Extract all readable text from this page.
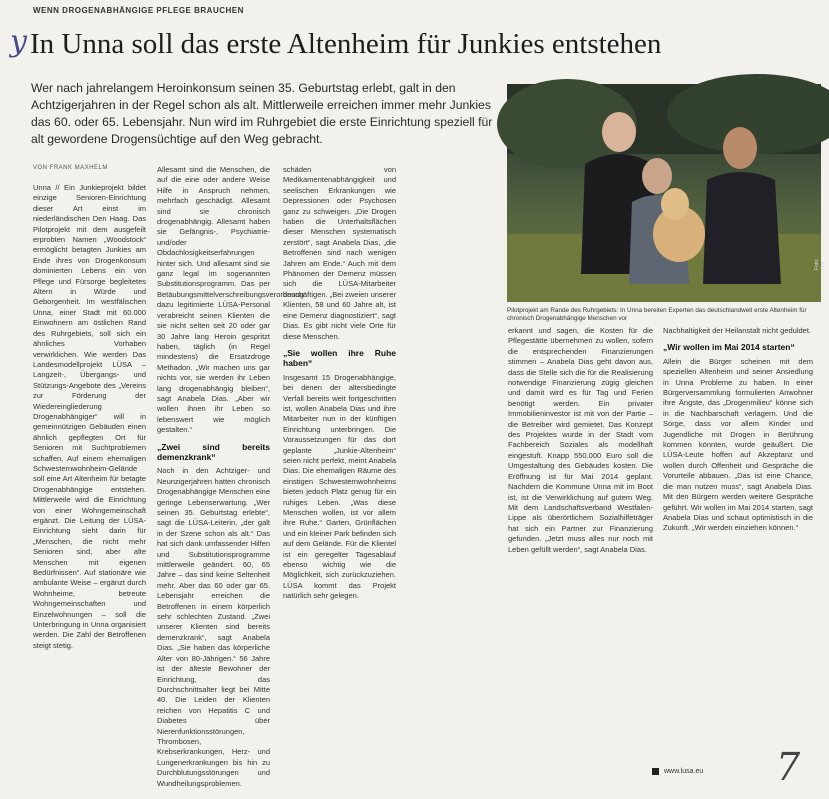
WENN DROGENABHÄNGIGE PFLEGE BRAUCHEN
y In Unna soll das erste Altenheim für Junkies entstehen
Wer nach jahrelangem Heroinkonsum seinen 35. Geburtstag erlebt, galt in den Achtzigerjahren in der Regel schon als alt. Mittlerweile erreichen immer mehr Junkies das 60. oder 65. Lebensjahr. Nun wird im Ruhrgebiet die erste Einrichtung speziell für alt gewordene Drogensüchtige auf den Weg gebracht.
VON FRANK MAXHELM

Unna // Ein Junkieprojekt bildet einzige Senioren-Einrichtung dieser Art einst im niederländischen Den Haag. Das Pilotprojekt mit dem ausgefeilt erprobten Namen „Woodstock“ ermöglicht betagten Junkies am Ende ihres von Drogenkonsum dominierten Lebens ein von Pflege und Fürsorge begleitetes Altern in Würde und Geborgenheit. Im westfälischen Unna, einer Stadt mit 60.000 Einwohnern am östlichen Rand des Ruhrgebiets, soll sich ein ähnliches Vorhaben verwirklichen. Wie werden Das Landesmodellprojekt LÜSA – Langzeit-, Übergangs- und Stützungs-Angebote des „Vereins zur Förderung der Wiedereingliederung Drogenabhängiger“ will in gemeinnützigen Gebäuden einen ähnlich gepflegten Ort für Senioren mit Suchtproblemen schaffen. Auf einem ehemaligen Schwesternwohnheim-Gelände soll eine Art Altenheim für betagte Drogenabhängige entstehen. Mittlerweile wird die Einrichtung von einer Wohngemeinschaft ergänzt. Die Leitung der LÜSA-Einrichtung sieht darin für „Menschen, die nicht mehr Senioren sind, aber alte Menschen mit eigenen Bedürfnissen“. Auf stationäre wie ambulante Weise – ergänzt durch Wohnheime, betreute Wohngemeinschaften und Einzelwohnungen – soll die Unterbringung in Unna organisiert werden. Die Zahl der Betroffenen steigt stetig.

Allesamt sind die Menschen, die auf die eine oder andere Weise Hilfe in Anspruch nehmen, mehrfach geschädigt. Allesamt sind sie chronisch drogenabhängig. Allesamt haben sie Gefängnis-, Psychiatrie- und/oder Obdachlosigkeitserfahrungen hinter sich. Und allesamt sind sie ganz legal im sogenannten Substitutionsprogramm. Das per Betäubungsmittelverschreibungsverordnung dazu legitimierte LÜSA-Personal verabreicht seinen Klienten die sie nicht selten seit 20 oder gar 30 Jahre lang Heroin gespritzt haben, täglich (in Regel mindestens) die Ersatzdroge Methadon. „Wir machen uns gar nichts vor, sie werden ihr Leben lang drogenabhängig bleiben“, sagt Anabela Dias. „Aber wir wollen ihnen ihr Leben so lebenswert wie möglich gestalten.“

„Zwei sind bereits demenzkrank“

Noch in den Achtziger- und Neunzigerjahren hatten chronisch Drogenabhängige Menschen eine geringe Lebenserwartung. „Wer seinen 35. Geburtstag erlebte“, sagt die LÜSA-Leiterin, „der galt in der Szene schon als alt.“ Das hat sich dank umfassender Hilfen und Substitutionsprogramme mittlerweile geändert. 60, 65 Jahre – das sind keine Seltenheit mehr. Aber das 60 oder gar 65. Lebensjahr erreichen die Betroffenen in einem körperlich sehr schlechten Zustand. „Zwei unserer Klienten sind bereits demenzkrank“, sagt Anabela Dias. „Sie haben das körperliche Alter von 80-Jährigen.“ 56 Jahre ist der älteste Bewohner der Einrichtung, das Durchschnittsalter liegt bei Mitte 40. Die Leiden der Klienten reichen von Hepatitis C und Diabetes über Nierenfunktionsstörungen, Thrombosen, Krebserkrankungen, Herz- und Lungenerkrankungen bis hin zu Durchblutungsstörungen und Wundheilungsproblemen.

schäden von Medikamentenabhängigkeit und seelischen Erkrankungen wie Depressionen oder Psychosen ganz zu schweigen. „Die Drogen haben die Unterhaltsflächen dieser Menschen systematisch zerstört“, sagt Anabela Dias, „die Betroffenen sind nach wenigen Jahren am Ende.“ Auch mit dem Phänomen der Demenz müssen sich die LÜSA-Mitarbeiter beschäftigen. „Bei zweien unserer Klienten, 58 und 60 Jahre alt, ist eine Demenz diagnostiziert“, sagt Dias. Es gibt nicht viele Orte für diese Menschen.

„Sie wollen ihre Ruhe haben“

Insgesamt 15 Drogenabhängige, bei denen der altersbedingte Verfall bereits weit fortgeschritten ist, wollen Anabela Dias und ihre Mitarbeiter nun in der künftigen Einrichtung unterbringen. Die Voraussetzungen für das dort geplante „Junkie-Altenheim“ seien nicht perfekt, meint Anabela Dias. Die ehemaligen Räume des einstigen Schwesternwohnheims bieten jedoch Platz genug für ein ruhiges Leben. „Was diese Menschen wollen, ist vor allem ihre Ruhe.“ Garten, Grünflächen und ein kleiner Park befinden sich auf dem Gelände. Für die Klientel ist ein geregelter Tagesablauf ebenso wichtig wie die Möglichkeit, sich zurückzuziehen. LÜSA kommt das Projekt natürlich sehr gelegen.

Foto: dpa
Pilotprojekt am Rande des Ruhrgebiets: In Unna bereiten Experten das deutschlandweit erste Altenheim für chronisch Drogenabhängige Menschen vor

erkannt und sagen, die Kosten für die Pflegestätte übernehmen zu wollen, sofern die entsprechenden Finanzierungen stimmen – Anabela Dias geht davon aus, dass die Stelle sich die für die Realisierung notwendige Finanzierung zügig gleichen und damit wird es für Tag und Ferien benötigt werden. Ein privater Immobilieninvestor ist mit von der Partie – die Betreiber wird gemietet. Das Konzept des Projektes wurde in der Stadt vom Fachbereich Soziales als modellhaft eingestuft. Knapp 550.000 Euro soll die Umgestaltung des Gebäudes kosten. Die Eröffnung ist für Mai 2014 geplant. Nachdem die Kommune Unna mit im Boot ist, ist die Verwirklichung auf gutem Weg. Mit dem Landschaftsverband Westfalen-Lippe als überörtlichem Sozialhilfeträger hat sich ein Partner zur Finanzierung gefunden. „Jetzt muss alles nur noch mit Leben gefüllt werden“, sagt Anabela Dias.

Nachhaltigkeit der Heilanstalt nicht geduldet.

„Wir wollen im Mai 2014 starten“

Allein die Bürger scheinen mit dem speziellen Altenheim und seiner Ansiedlung in Unna Probleme zu haben. In einer Bürgerversammlung formulierten Anwohner ihre Ängste, das „Drogenmilieu“ könne sich in die Nachbarschaft verlagern. Und die Sorge, dass vor allem Kinder und Jugendliche mit Drogen in Berührung kommen könnten, wurde geäußert. Die LÜSA-Leute hoffen auf Akzeptanz und wollen durch Offenheit und Gespräche die Vorurteile abbauen. „Das ist eine Chance, die man nutzen muss“, sagt Anabela Dias. Mit den Bürgern werden weitere Gespräche geführt. Wir wollen im Mai 2014 starten, sagt Anabela Dias und schaut optimistisch in die Zukunft. „Wir werden einziehen können.“

www.lusa.eu 7
